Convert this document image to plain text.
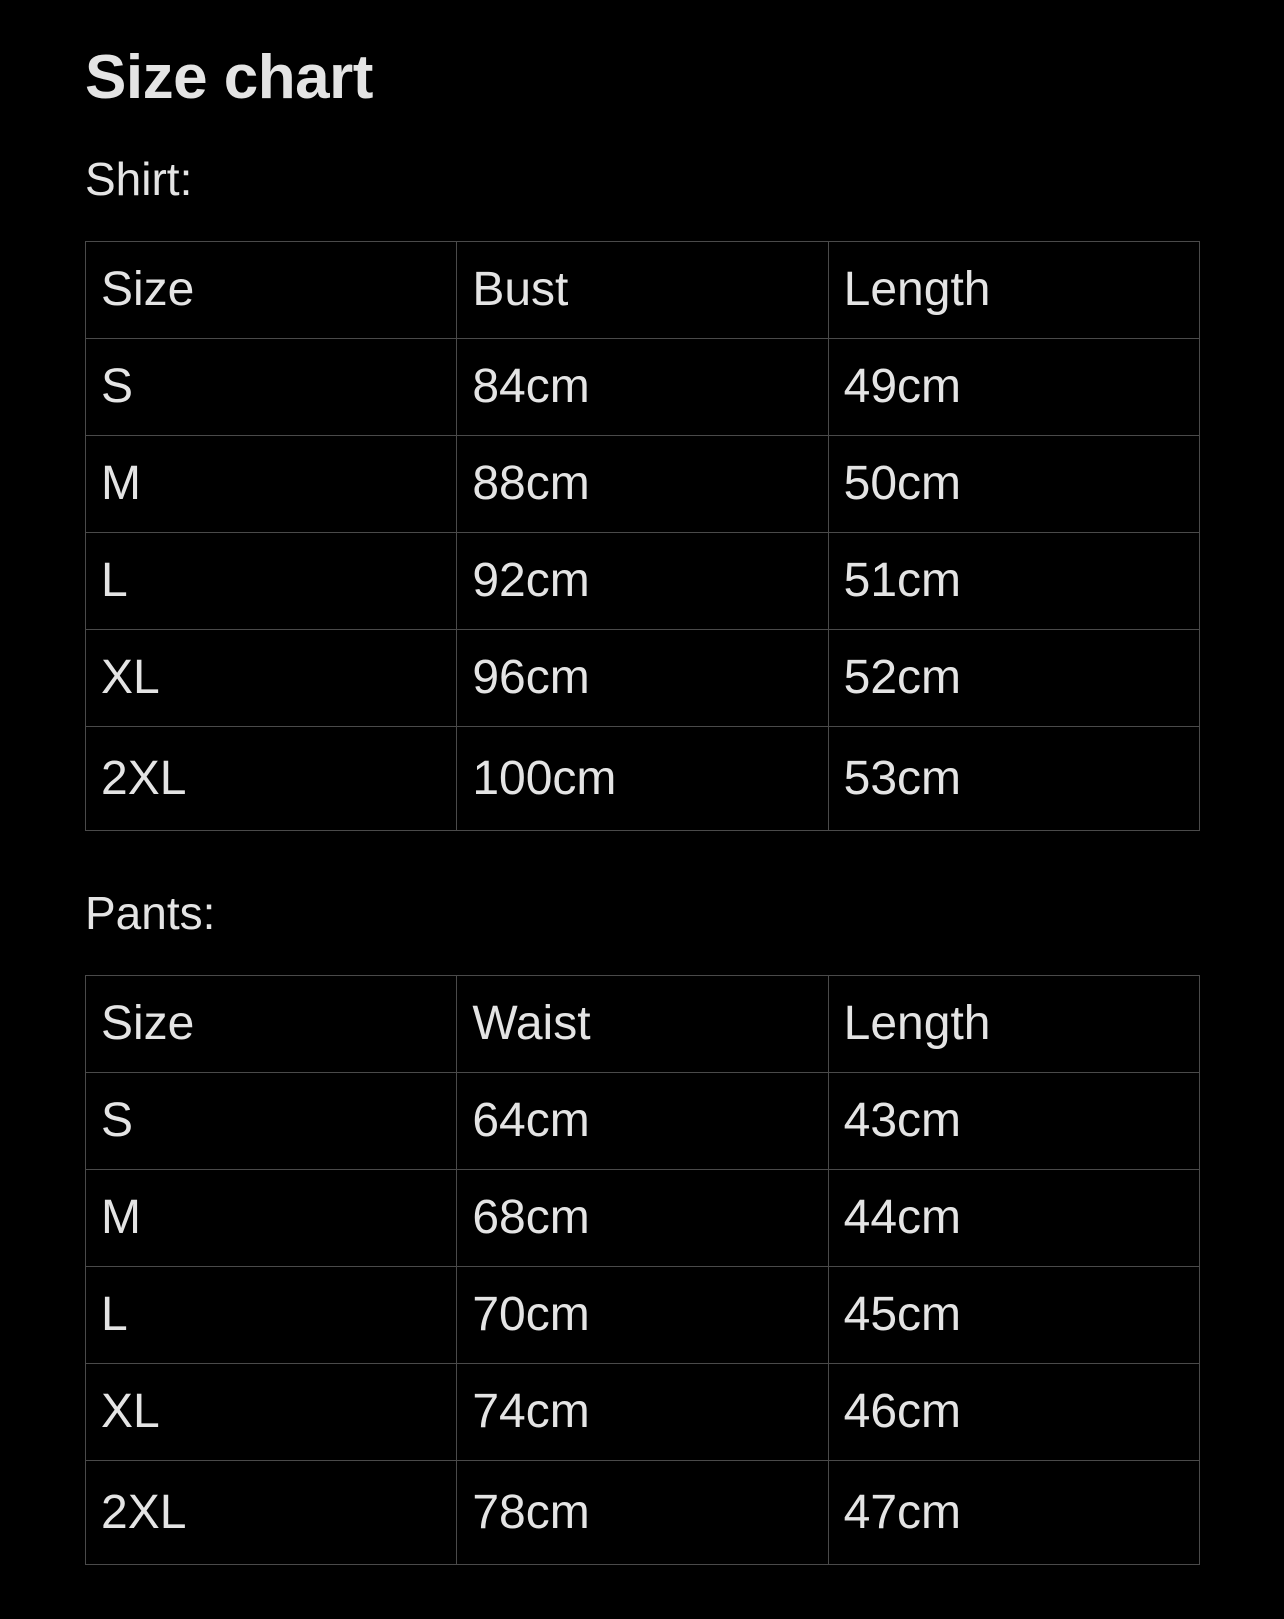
Size chart
Shirt:
Size	Bust	Length
S	84cm	49cm
M	88cm	50cm
L	92cm	51cm
XL	96cm	52cm
2XL	100cm	53cm
Pants:
Size	Waist	Length
S	64cm	43cm
M	68cm	44cm
L	70cm	45cm
XL	74cm	46cm
2XL	78cm	47cm
